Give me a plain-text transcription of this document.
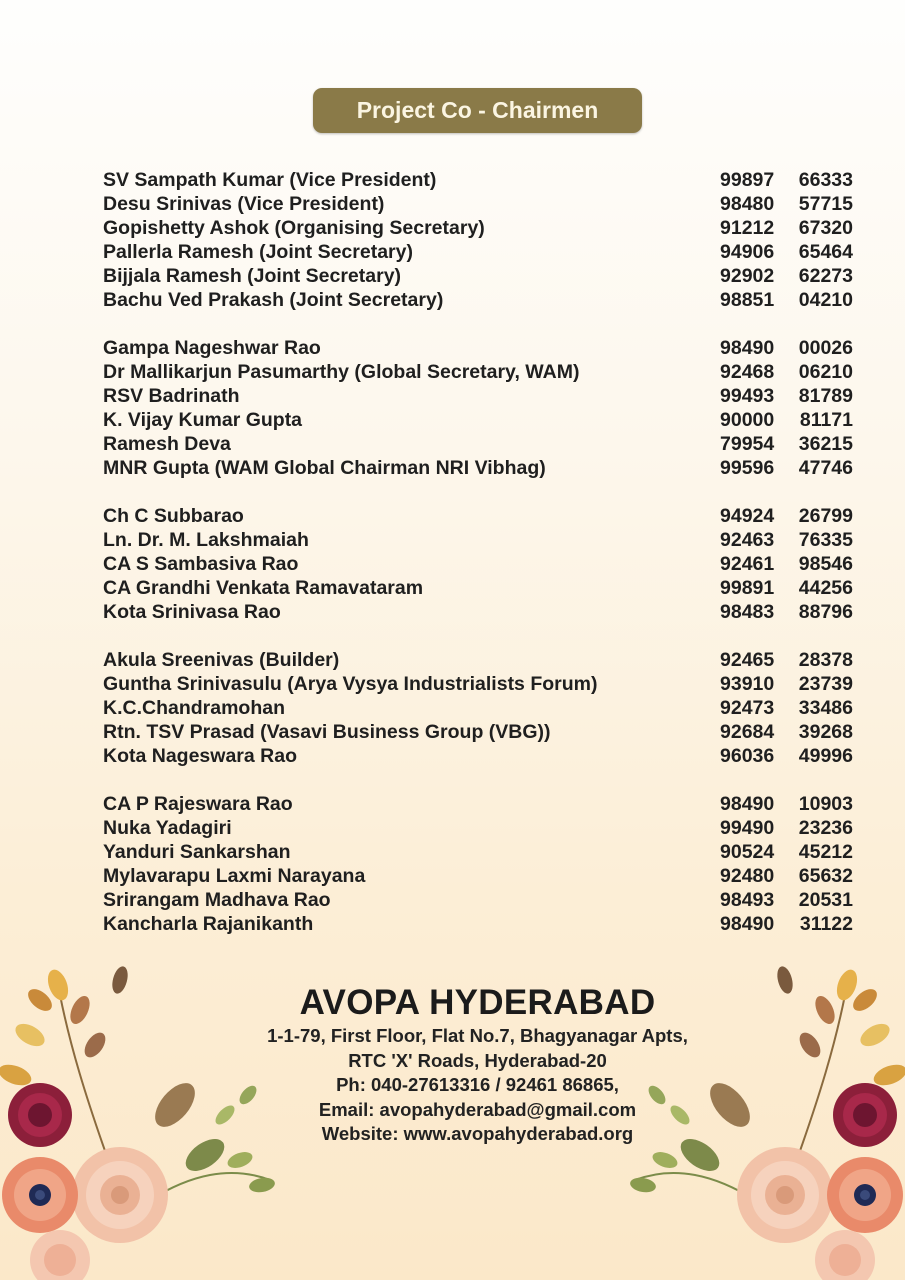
Project Co - Chairmen
SV Sampath Kumar (Vice President)	99897 66333
Desu Srinivas (Vice President)	98480 57715
Gopishetty Ashok (Organising Secretary)	91212 67320
Pallerla Ramesh (Joint Secretary)	94906 65464
Bijjala Ramesh (Joint Secretary)	92902 62273
Bachu Ved Prakash (Joint Secretary)	98851 04210
Gampa Nageshwar Rao	98490 00026
Dr Mallikarjun Pasumarthy (Global Secretary, WAM)	92468 06210
RSV Badrinath	99493 81789
K. Vijay Kumar Gupta	90000 81171
Ramesh Deva	79954 36215
MNR Gupta (WAM Global Chairman NRI Vibhag)	99596 47746
Ch C Subbarao	94924 26799
Ln. Dr. M. Lakshmaiah	92463 76335
CA S Sambasiva Rao	92461 98546
CA Grandhi Venkata Ramavataram	99891 44256
Kota Srinivasa Rao	98483 88796
Akula Sreenivas (Builder)	92465 28378
Guntha Srinivasulu (Arya Vysya Industrialists Forum)	93910 23739
K.C.Chandramohan	92473 33486
Rtn. TSV Prasad (Vasavi Business Group (VBG))	92684 39268
Kota Nageswara Rao	96036 49996
CA P Rajeswara Rao	98490 10903
Nuka Yadagiri	99490 23236
Yanduri Sankarshan	90524 45212
Mylavarapu Laxmi Narayana	92480 65632
Srirangam Madhava Rao	98493 20531
Kancharla Rajanikanth	98490 31122
AVOPA HYDERABAD
1-1-79, First Floor, Flat No.7, Bhagyanagar Apts,
RTC 'X' Roads, Hyderabad-20
Ph: 040-27613316 / 92461 86865,
Email: avopahyderabad@gmail.com
Website: www.avopahyderabad.org
